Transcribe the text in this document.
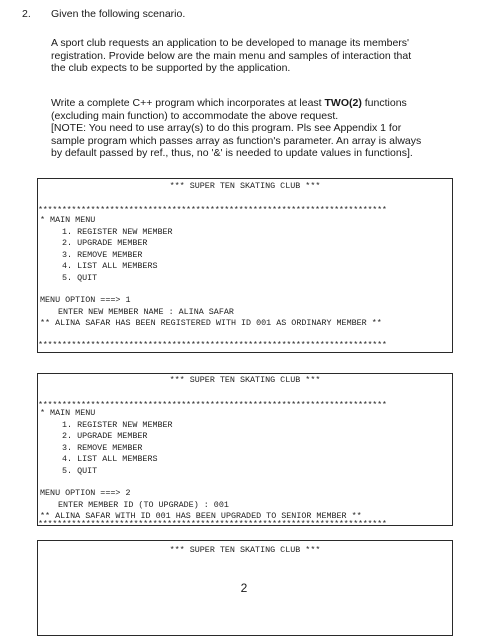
2. Given the following scenario.

A sport club requests an application to be developed to manage its members'

registration. Provide below are the main menu and samples of interaction that

the club expects to be supported by the application.

Write a complete C++ program which incorporates at least TWO(2) functions

(excluding main function) to accommodate the above request.

[NOTE: You need to use array(s) to do this program. Pls see Appendix 1 for

sample program which passes array as function's parameter. An array is always

by default passed by ref., thus, no '&' is needed to update values in functions].

*** SUPER TEN SKATING CLUB ***
*************************************************************************
* MAIN MENU
1. REGISTER NEW MEMBER
2. UPGRADE MEMBER
3. REMOVE MEMBER
4. LIST ALL MEMBERS
5. QUIT
MENU OPTION ===> 1
ENTER NEW MEMBER NAME : ALINA SAFAR
** ALINA SAFAR HAS BEEN REGISTERED WITH ID 001 AS ORDINARY MEMBER **
*************************************************************************
*** SUPER TEN SKATING CLUB ***
*************************************************************************
* MAIN MENU
1. REGISTER NEW MEMBER
2. UPGRADE MEMBER
3. REMOVE MEMBER
4. LIST ALL MEMBERS
5. QUIT
MENU OPTION ===> 2
ENTER MEMBER ID (TO UPGRADE) : 001
** ALINA SAFAR WITH ID 001 HAS BEEN UPGRADED TO SENIOR MEMBER **
*************************************************************************
*** SUPER TEN SKATING CLUB ***
2
